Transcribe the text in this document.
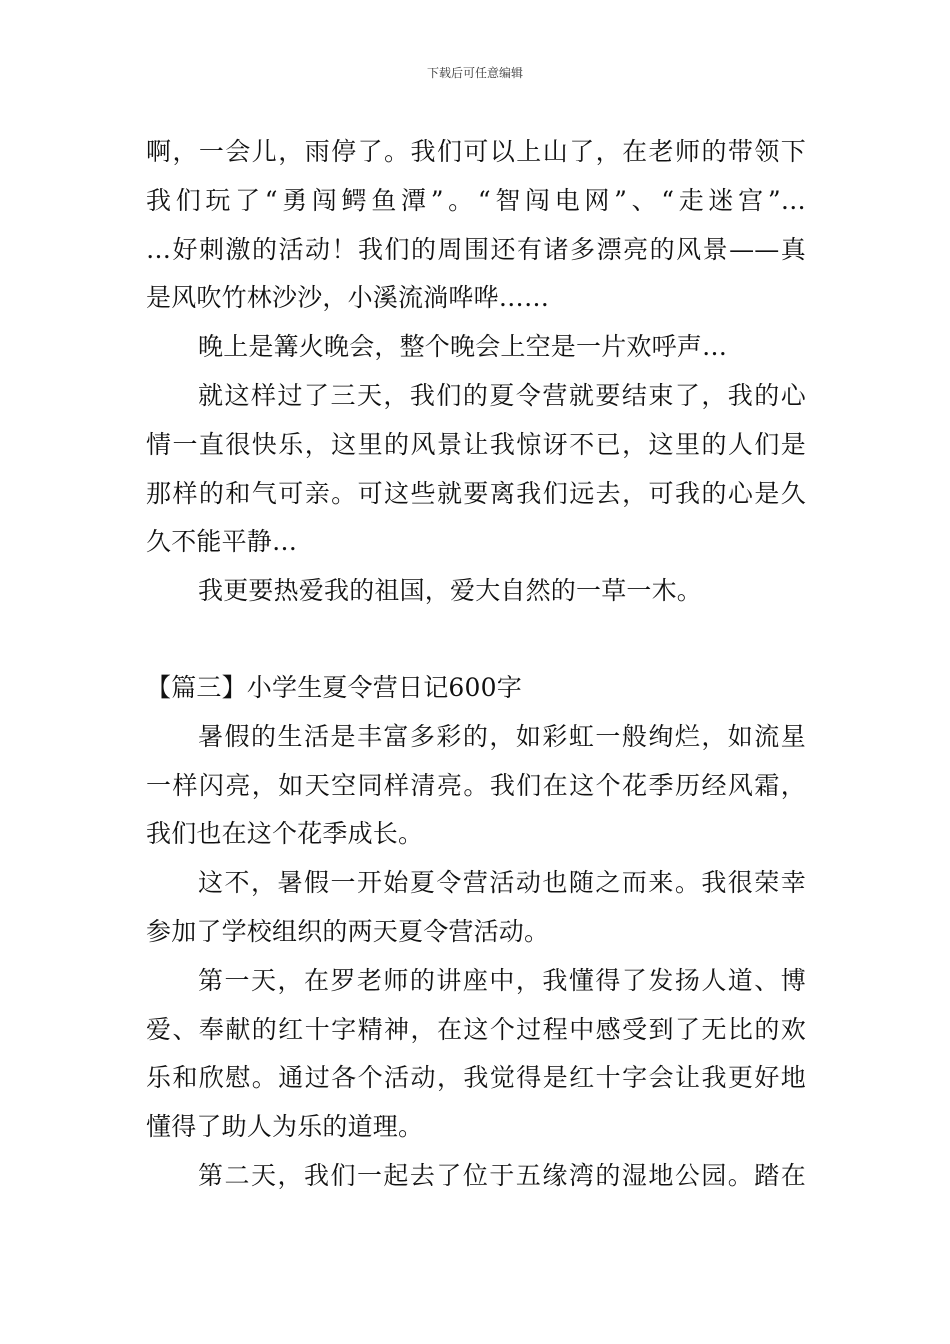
下载后可任意编辑
啊，一会儿，雨停了。我们可以上山了，在老师的带领下
我们玩了“勇闯鳄鱼潭”。“智闯电网”、“走迷宫”…
…好刺激的活动！我们的周围还有诸多漂亮的风景——真
是风吹竹林沙沙，小溪流淌哗哗……
晚上是篝火晚会，整个晚会上空是一片欢呼声…
就这样过了三天，我们的夏令营就要结束了，我的心
情一直很快乐，这里的风景让我惊讶不已，这里的人们是
那样的和气可亲。可这些就要离我们远去，可我的心是久
久不能平静…
我更要热爱我的祖国，爱大自然的一草一木。
【篇三】小学生夏令营日记600字
暑假的生活是丰富多彩的，如彩虹一般绚烂，如流星
一样闪亮，如天空同样清亮。我们在这个花季历经风霜，
我们也在这个花季成长。
这不，暑假一开始夏令营活动也随之而来。我很荣幸
参加了学校组织的两天夏令营活动。
第一天，在罗老师的讲座中，我懂得了发扬人道、博
爱、奉献的红十字精神，在这个过程中感受到了无比的欢
乐和欣慰。通过各个活动，我觉得是红十字会让我更好地
懂得了助人为乐的道理。
第二天，我们一起去了位于五缘湾的湿地公园。踏在
